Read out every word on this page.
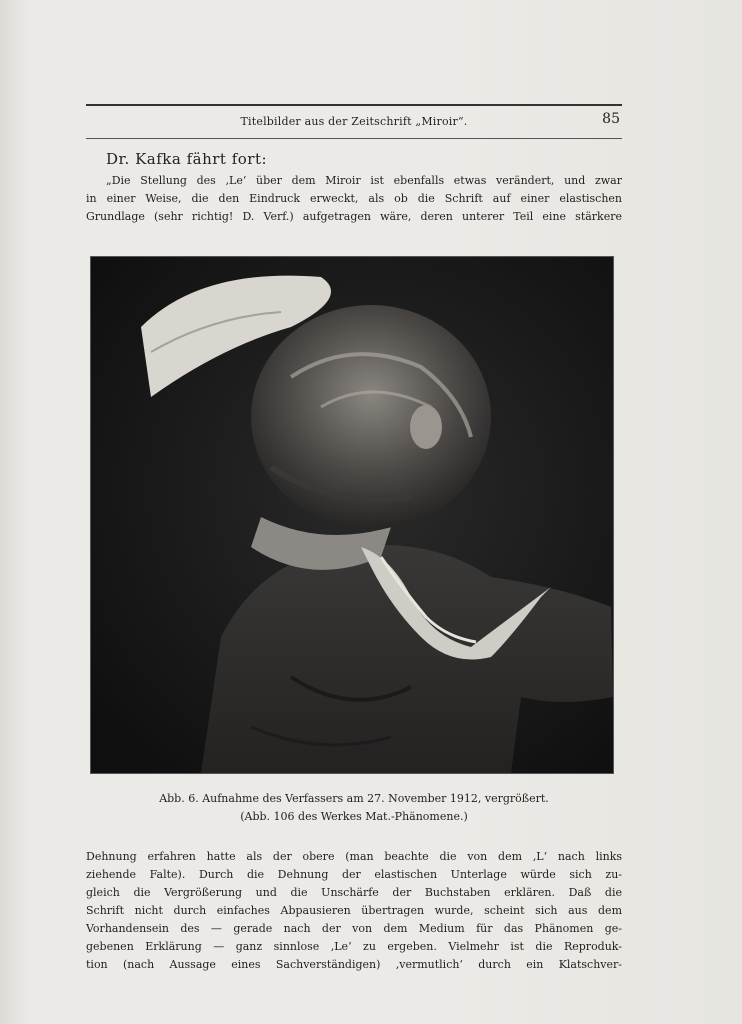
Titelbilder aus der Zeitschrift „Miroir“.	85
Dr. Kafka fährt fort:
„Die Stellung des ‚Le‘ über dem Miroir ist ebenfalls etwas verändert, und zwar
in einer Weise, die den Eindruck erweckt, als ob die Schrift auf einer elastischen
Grundlage (sehr richtig! D. Verf.) aufgetragen wäre, deren unterer Teil eine stärkere
Abb. 6. Aufnahme des Verfassers am 27. November 1912, vergrößert.
(Abb. 106 des Werkes Mat.-Phänomene.)
Dehnung erfahren hatte als der obere (man beachte die von dem ‚L‘ nach links
ziehende Falte). Durch die Dehnung der elastischen Unterlage würde sich zu-
gleich die Vergrößerung und die Unschärfe der Buchstaben erklären. Daß die
Schrift nicht durch einfaches Abpausieren übertragen wurde, scheint sich aus dem
Vorhandensein des — gerade nach der von dem Medium für das Phänomen ge-
gebenen Erklärung — ganz sinnlose ‚Le‘ zu ergeben. Vielmehr ist die Reproduk-
tion (nach Aussage eines Sachverständigen) ‚vermutlich‘ durch ein Klatschver-
